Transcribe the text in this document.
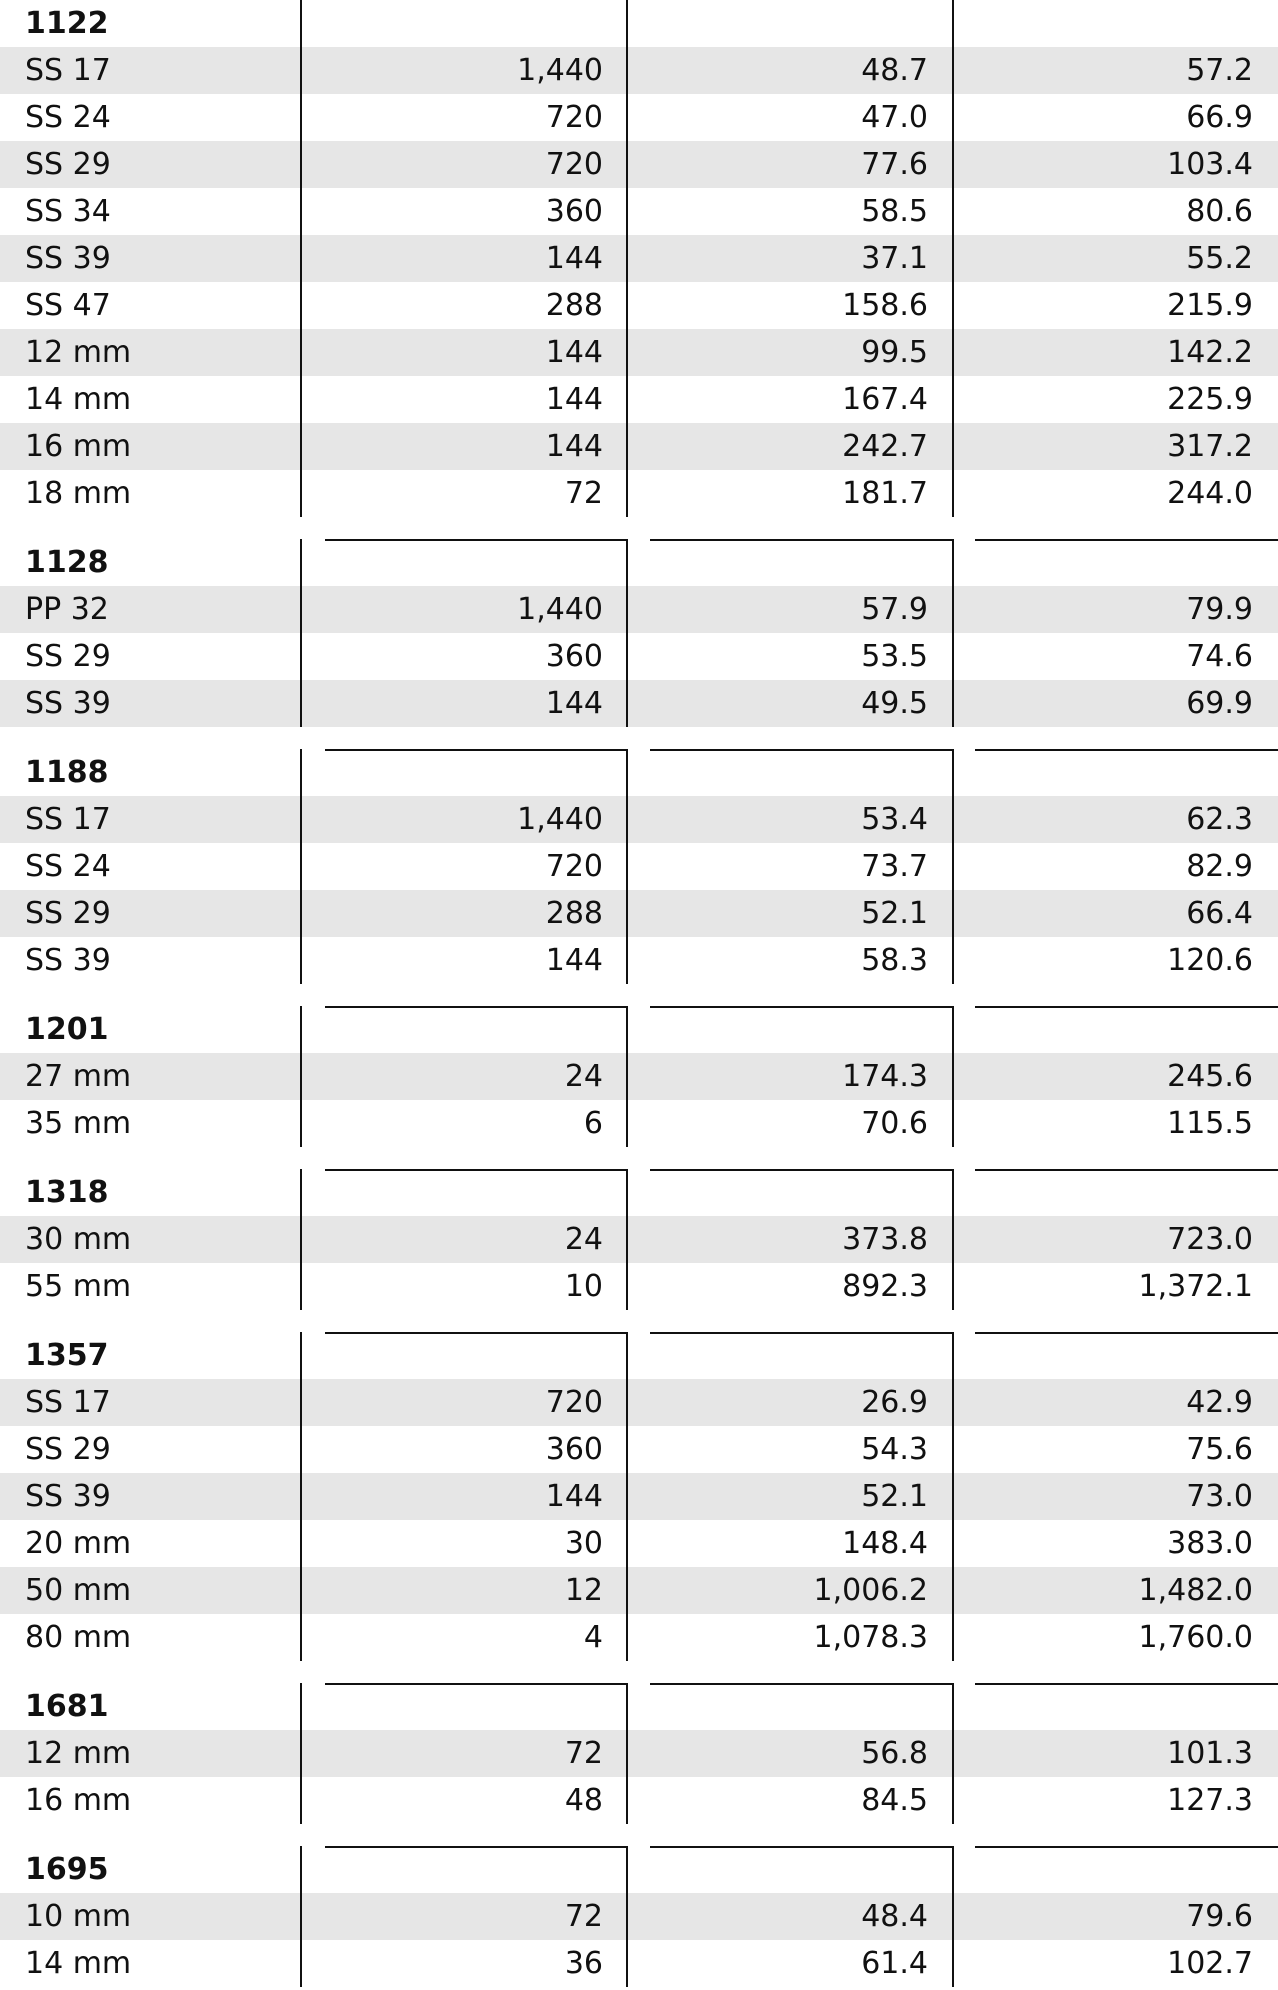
1122
SS 17	1,440	48.7	57.2
SS 24	720	47.0	66.9
SS 29	720	77.6	103.4
SS 34	360	58.5	80.6
SS 39	144	37.1	55.2
SS 47	288	158.6	215.9
12 mm	144	99.5	142.2
14 mm	144	167.4	225.9
16 mm	144	242.7	317.2
18 mm	72	181.7	244.0
1128
PP 32	1,440	57.9	79.9
SS 29	360	53.5	74.6
SS 39	144	49.5	69.9
1188
SS 17	1,440	53.4	62.3
SS 24	720	73.7	82.9
SS 29	288	52.1	66.4
SS 39	144	58.3	120.6
1201
27 mm	24	174.3	245.6
35 mm	6	70.6	115.5
1318
30 mm	24	373.8	723.0
55 mm	10	892.3	1,372.1
1357
SS 17	720	26.9	42.9
SS 29	360	54.3	75.6
SS 39	144	52.1	73.0
20 mm	30	148.4	383.0
50 mm	12	1,006.2	1,482.0
80 mm	4	1,078.3	1,760.0
1681
12 mm	72	56.8	101.3
16 mm	48	84.5	127.3
1695
10 mm	72	48.4	79.6
14 mm	36	61.4	102.7
